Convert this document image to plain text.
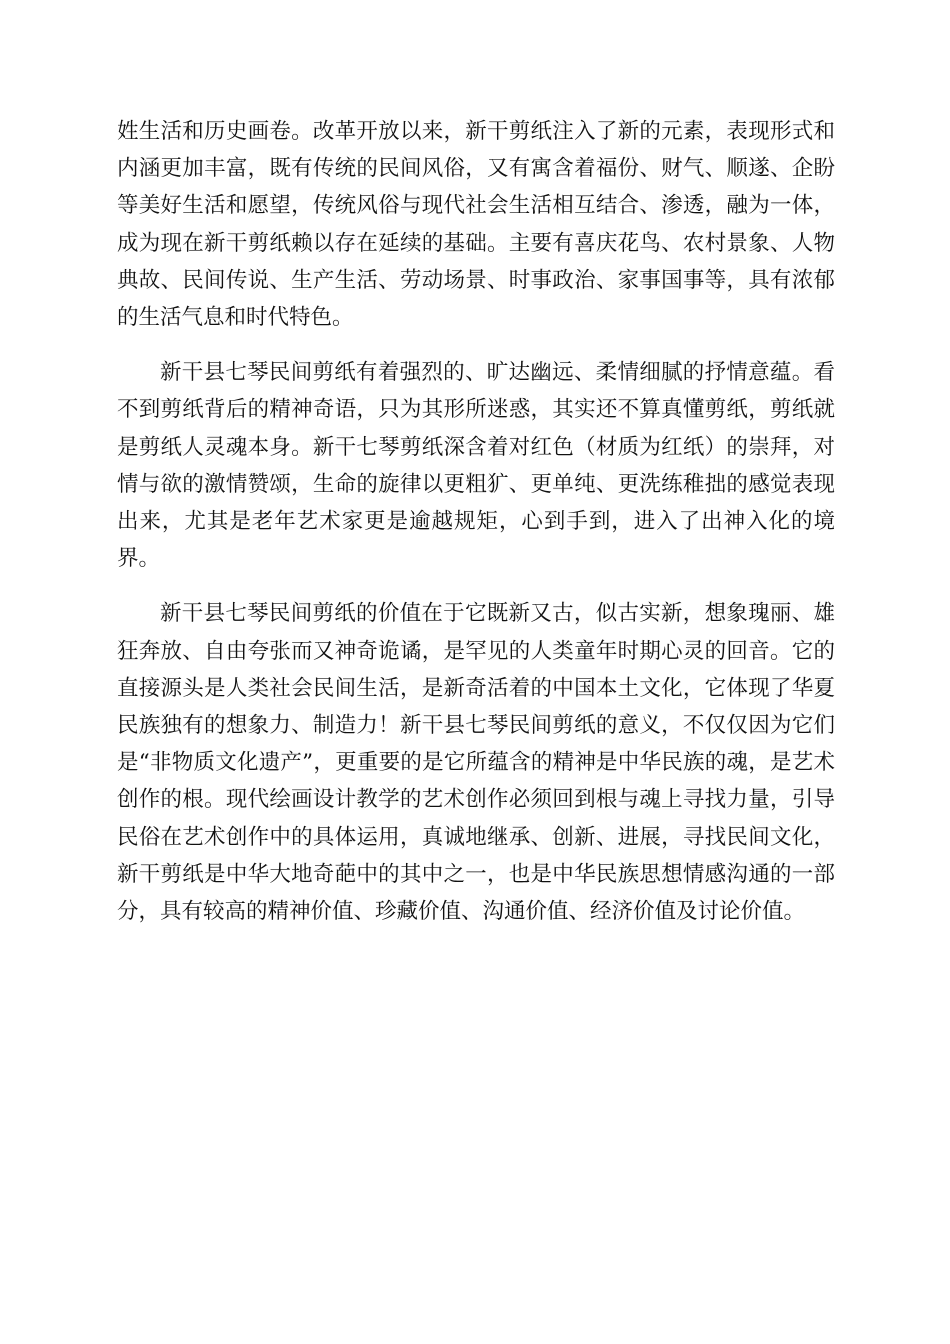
姓生活和历史画卷。改革开放以来，新干剪纸注入了新的元素，表现形式和内涵更加丰富，既有传统的民间风俗，又有寓含着福份、财气、顺遂、企盼等美好生活和愿望，传统风俗与现代社会生活相互结合、渗透，融为一体，成为现在新干剪纸赖以存在延续的基础。主要有喜庆花鸟、农村景象、人物典故、民间传说、生产生活、劳动场景、时事政治、家事国事等，具有浓郁的生活气息和时代特色。

新干县七琴民间剪纸有着强烈的、旷达幽远、柔情细腻的抒情意蕴。看不到剪纸背后的精神奇语，只为其形所迷惑，其实还不算真懂剪纸，剪纸就是剪纸人灵魂本身。新干七琴剪纸深含着对红色（材质为红纸）的崇拜，对情与欲的激情赞颂，生命的旋律以更粗犷、更单纯、更洗练稚拙的感觉表现出来，尤其是老年艺术家更是逾越规矩，心到手到，进入了出神入化的境界。

新干县七琴民间剪纸的价值在于它既新又古，似古实新，想象瑰丽、雄狂奔放、自由夸张而又神奇诡谲，是罕见的人类童年时期心灵的回音。它的直接源头是人类社会民间生活，是新奇活着的中国本土文化，它体现了华夏民族独有的想象力、制造力！新干县七琴民间剪纸的意义，不仅仅因为它们是“非物质文化遗产”，更重要的是它所蕴含的精神是中华民族的魂，是艺术创作的根。现代绘画设计教学的艺术创作必须回到根与魂上寻找力量，引导民俗在艺术创作中的具体运用，真诚地继承、创新、进展，寻找民间文化，新干剪纸是中华大地奇葩中的其中之一，也是中华民族思想情感沟通的一部分，具有较高的精神价值、珍藏价值、沟通价值、经济价值及讨论价值。
